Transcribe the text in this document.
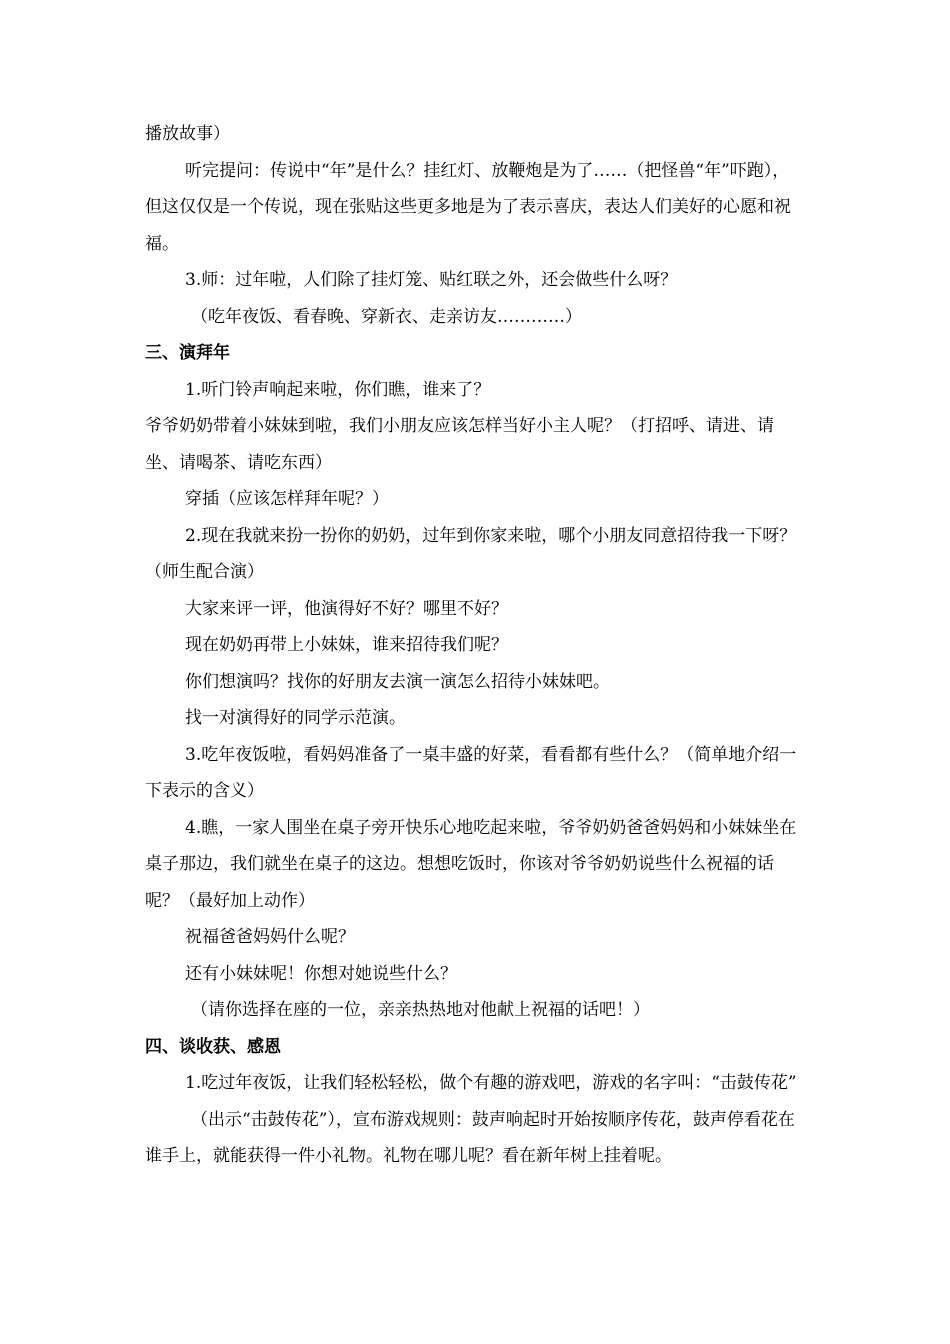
播放故事）

听完提问：传说中“年”是什么？挂红灯、放鞭炮是为了……（把怪兽“年”吓跑），但这仅仅是一个传说，现在张贴这些更多地是为了表示喜庆，表达人们美好的心愿和祝福。

3.师：过年啦，人们除了挂灯笼、贴红联之外，还会做些什么呀？

（吃年夜饭、看春晚、穿新衣、走亲访友…………）

三、演拜年

1.听门铃声响起来啦，你们瞧，谁来了？

爷爷奶奶带着小妹妹到啦，我们小朋友应该怎样当好小主人呢？（打招呼、请进、请坐、请喝茶、请吃东西）

穿插（应该怎样拜年呢？）

2.现在我就来扮一扮你的奶奶，过年到你家来啦，哪个小朋友同意招待我一下呀？（师生配合演）

大家来评一评，他演得好不好？哪里不好？

现在奶奶再带上小妹妹，谁来招待我们呢？

你们想演吗？找你的好朋友去演一演怎么招待小妹妹吧。

找一对演得好的同学示范演。

3.吃年夜饭啦，看妈妈准备了一桌丰盛的好菜，看看都有些什么？（简单地介绍一下表示的含义）

4.瞧，一家人围坐在桌子旁开快乐心地吃起来啦，爷爷奶奶爸爸妈妈和小妹妹坐在桌子那边，我们就坐在桌子的这边。想想吃饭时，你该对爷爷奶奶说些什么祝福的话呢？（最好加上动作）

祝福爸爸妈妈什么呢？

还有小妹妹呢！你想对她说些什么？

（请你选择在座的一位，亲亲热热地对他献上祝福的话吧！）

四、谈收获、感恩

1.吃过年夜饭，让我们轻松轻松，做个有趣的游戏吧，游戏的名字叫：“击鼓传花”

（出示“击鼓传花”），宣布游戏规则：鼓声响起时开始按顺序传花，鼓声停看花在谁手上，就能获得一件小礼物。礼物在哪儿呢？看在新年树上挂着呢。
